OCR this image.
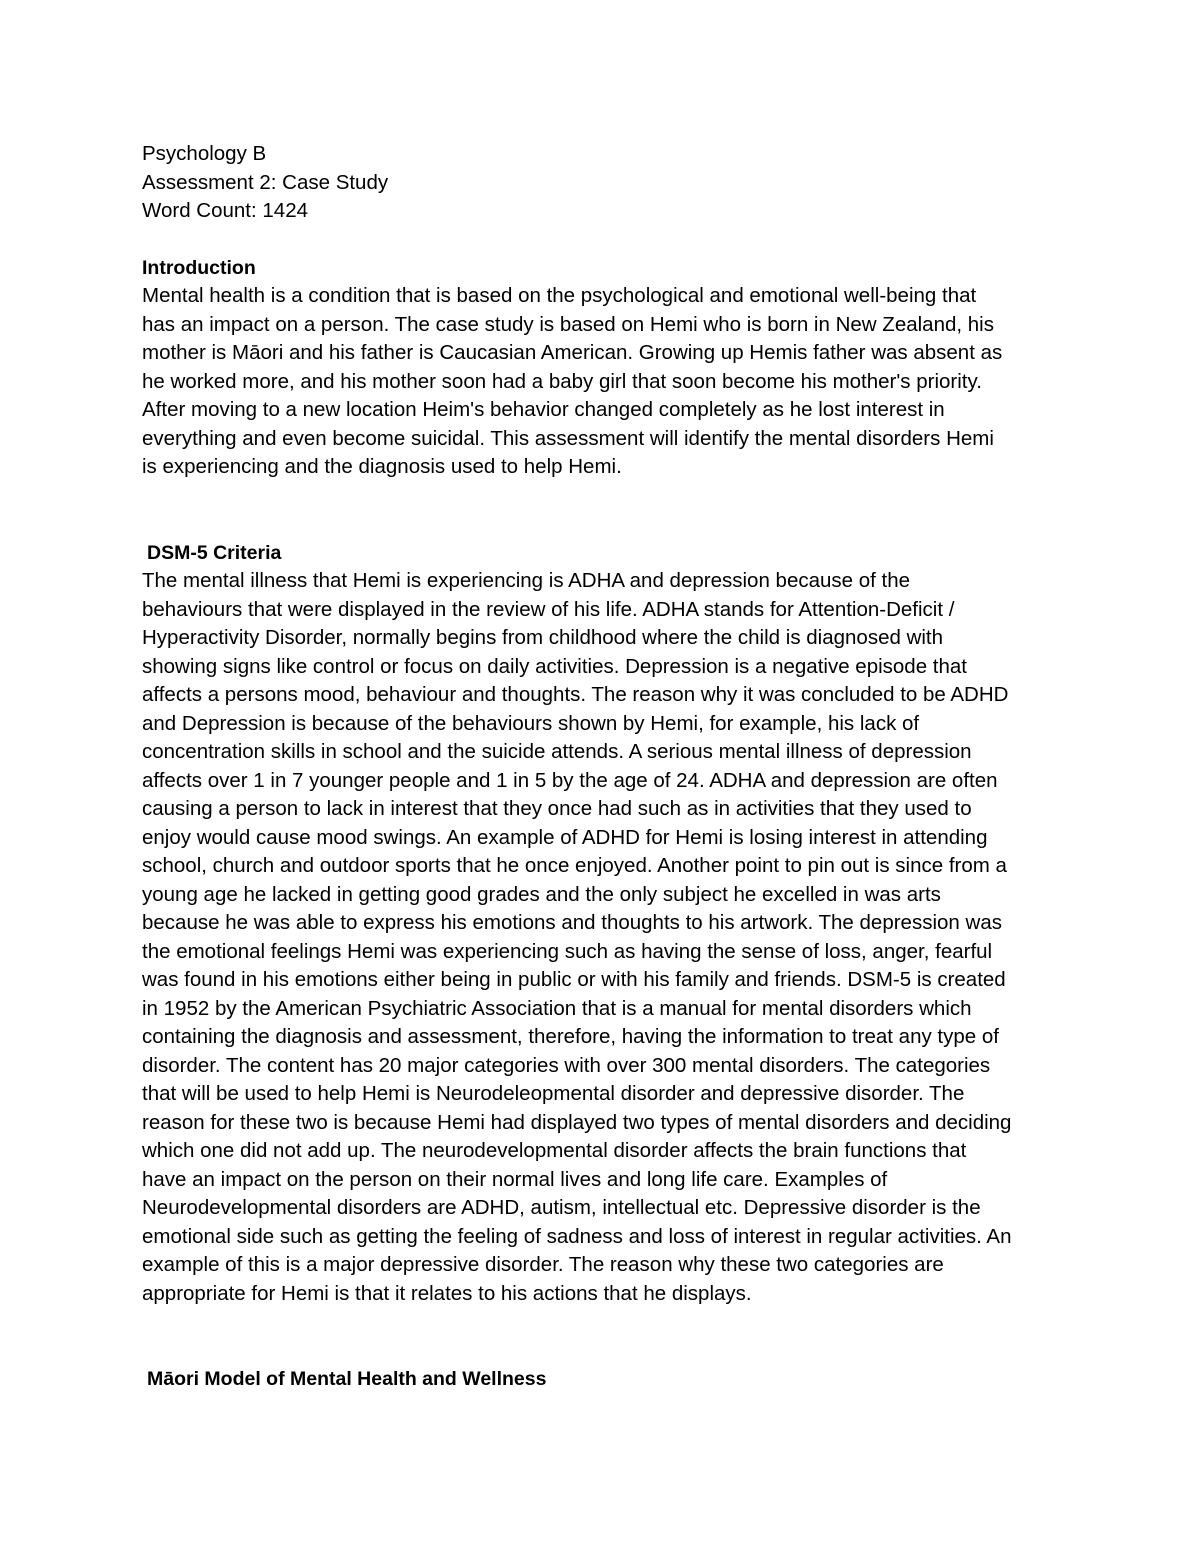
Psychology B

Assessment 2: Case Study

Word Count: 1424

Introduction

Mental health is a condition that is based on the psychological and emotional well-being that

has an impact on a person. The case study is based on Hemi who is born in New Zealand, his

mother is Māori and his father is Caucasian American. Growing up Hemis father was absent as

he worked more, and his mother soon had a baby girl that soon become his mother's priority.

After moving to a new location Heim's behavior changed completely as he lost interest in

everything and even become suicidal. This assessment will identify the mental disorders Hemi

is experiencing and the diagnosis used to help Hemi.

DSM-5 Criteria

The mental illness that Hemi is experiencing is ADHA and depression because of the

behaviours that were displayed in the review of his life. ADHA stands for Attention-Deficit /

Hyperactivity Disorder, normally begins from childhood where the child is diagnosed with

showing signs like control or focus on daily activities. Depression is a negative episode that

affects a persons mood, behaviour and thoughts. The reason why it was concluded to be ADHD

and Depression is because of the behaviours shown by Hemi, for example, his lack of

concentration skills in school and the suicide attends. A serious mental illness of depression

affects over 1 in 7 younger people and 1 in 5 by the age of 24. ADHA and depression are often

causing a person to lack in interest that they once had such as in activities that they used to

enjoy would cause mood swings. An example of ADHD for Hemi is losing interest in attending

school, church and outdoor sports that he once enjoyed. Another point to pin out is since from a

young age he lacked in getting good grades and the only subject he excelled in was arts

because he was able to express his emotions and thoughts to his artwork. The depression was

the emotional feelings Hemi was experiencing such as having the sense of loss, anger, fearful

was found in his emotions either being in public or with his family and friends. DSM-5 is created

in 1952 by the American Psychiatric Association that is a manual for mental disorders which

containing the diagnosis and assessment, therefore, having the information to treat any type of

disorder. The content has 20 major categories with over 300 mental disorders. The categories

that will be used to help Hemi is Neurodeleopmental disorder and depressive disorder. The

reason for these two is because Hemi had displayed two types of mental disorders and deciding

which one did not add up. The neurodevelopmental disorder affects the brain functions that

have an impact on the person on their normal lives and long life care. Examples of

Neurodevelopmental disorders are ADHD, autism, intellectual etc. Depressive disorder is the

emotional side such as getting the feeling of sadness and loss of interest in regular activities. An

example of this is a major depressive disorder. The reason why these two categories are

appropriate for Hemi is that it relates to his actions that he displays.

Māori Model of Mental Health and Wellness
